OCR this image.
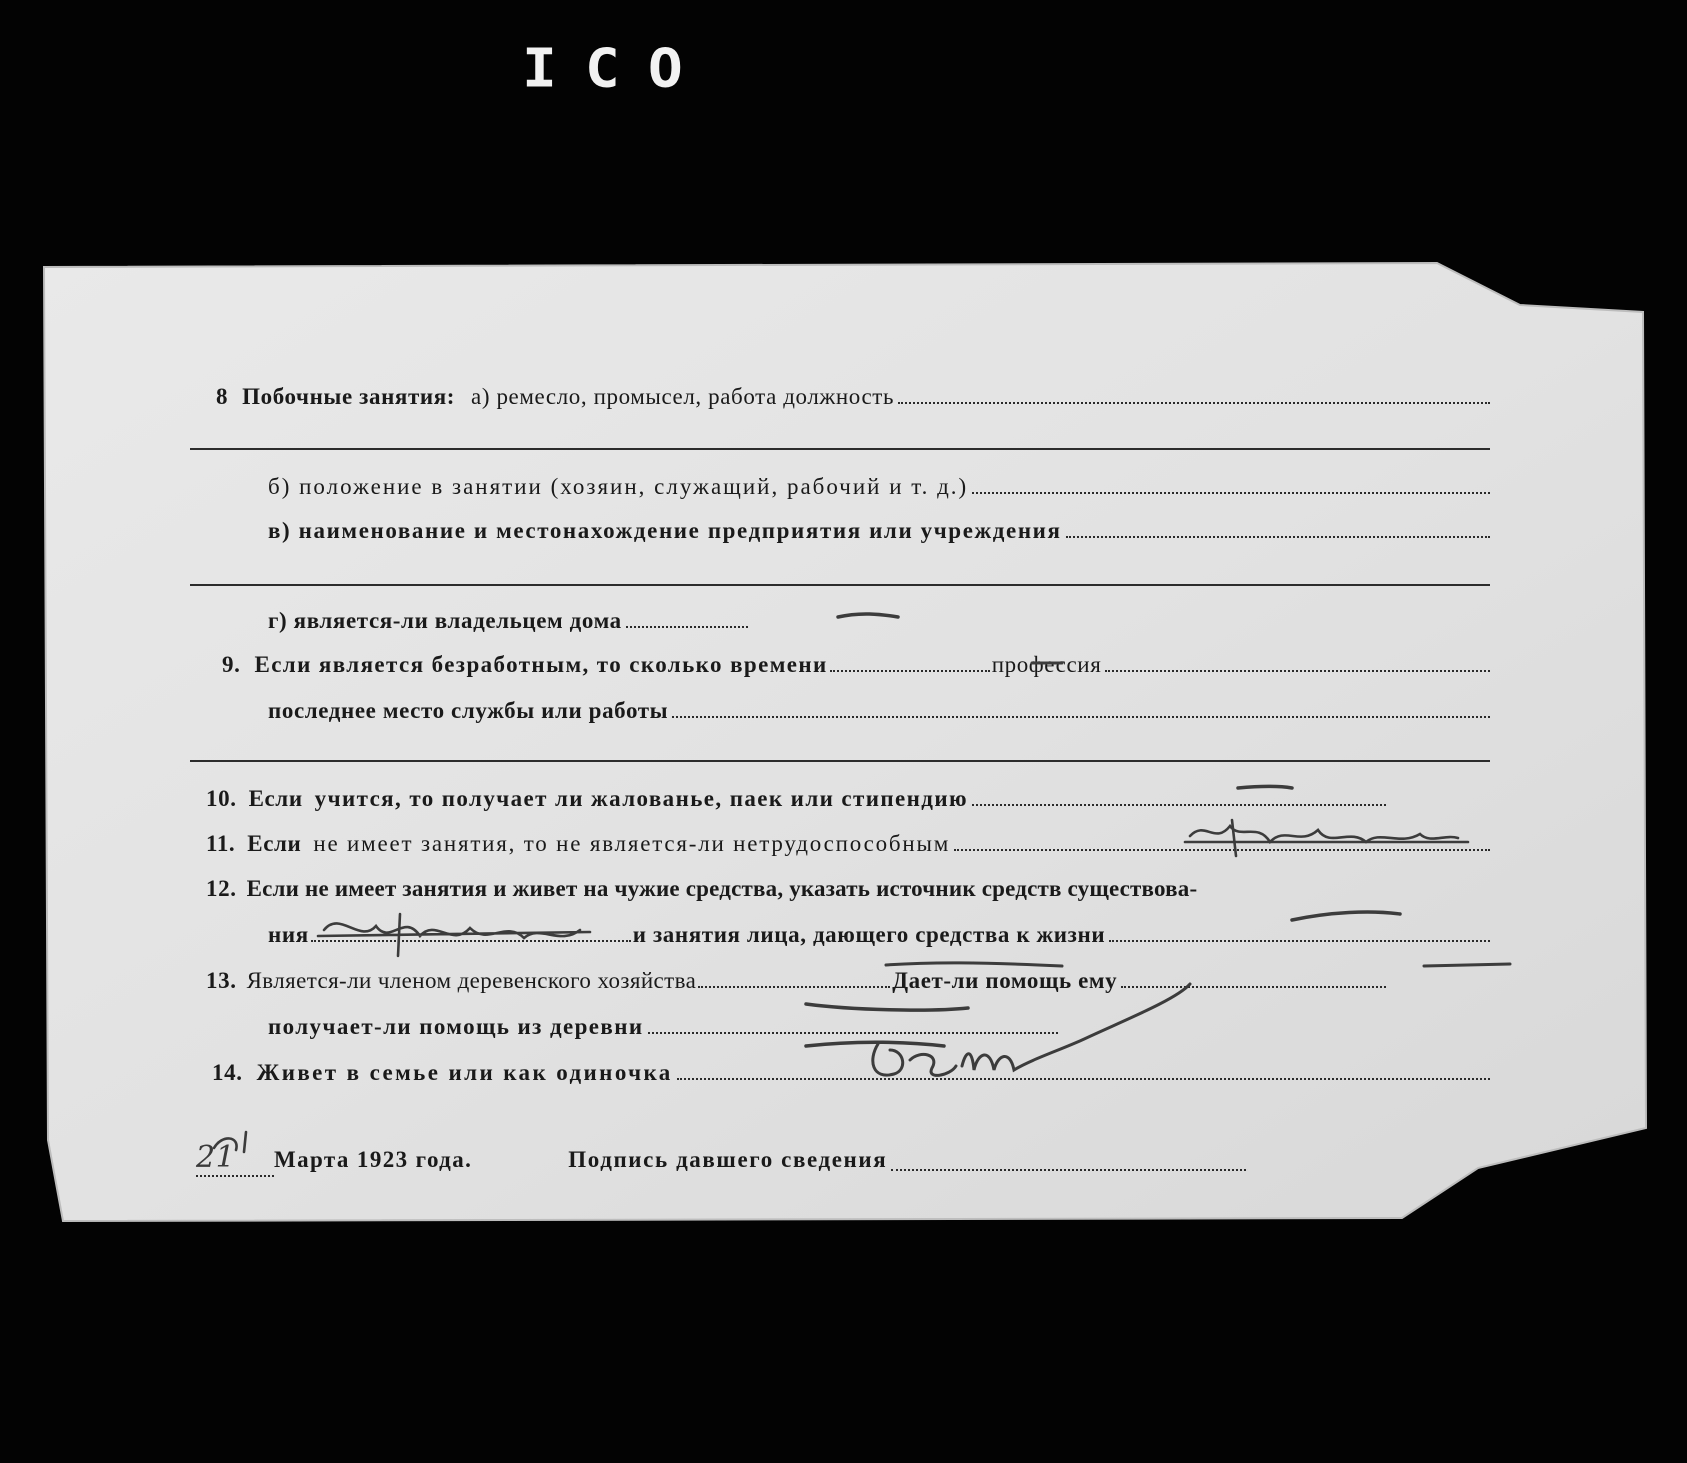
ICO
8 Побочные занятия: а) ремесло, промысел, работа должность
б) положение в занятии (хозяин, служащий, рабочий и т. д.)
в) наименование и местонахождение предприятия или учреждения
г) является-ли владельцем дома
9. Если является безработным, то сколько времени	профессия
последнее место службы или работы
10. Если учится, то получает ли жалованье, паек или стипендию
11. Если не имеет занятия, то не является-ли нетрудоспособным
12. Если не имеет занятия и живет на чужие средства, указать источник средств существова-
ния	и занятия лица, дающего средства к жизни
13. Является-ли членом деревенского хозяйства	Дает-ли помощь ему
получает-ли помощь из деревни
14. Живет в семье или как одиночка
21	Марта 1923 года.	Подпись давшего сведения
